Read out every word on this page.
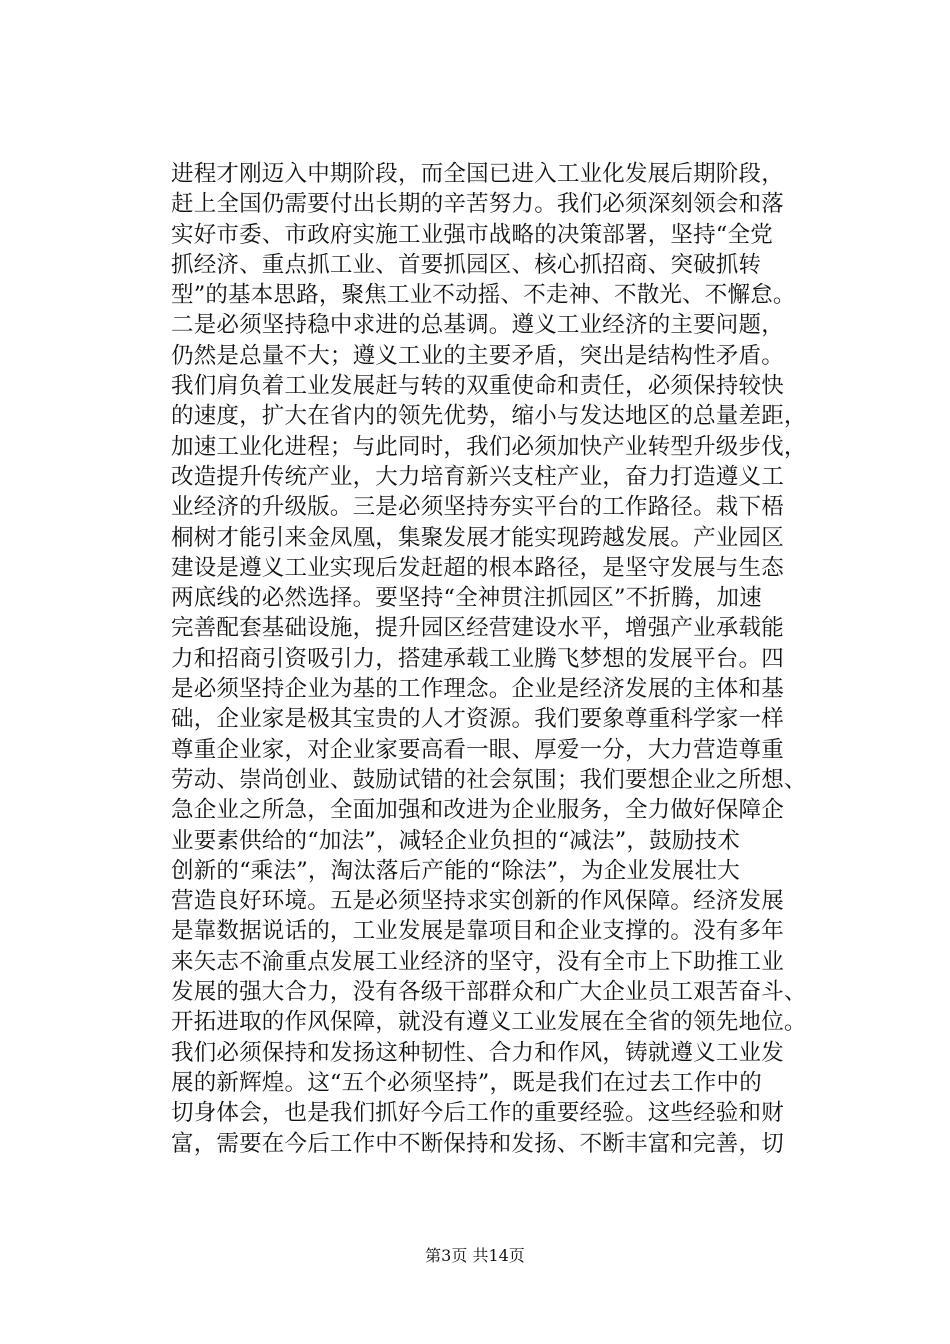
进程才刚迈入中期阶段，而全国已进入工业化发展后期阶段，
赶上全国仍需要付出长期的辛苦努力。我们必须深刻领会和落
实好市委、市政府实施工业强市战略的决策部署，坚持“全党
抓经济、重点抓工业、首要抓园区、核心抓招商、突破抓转
型”的基本思路，聚焦工业不动摇、不走神、不散光、不懈怠。
二是必须坚持稳中求进的总基调。遵义工业经济的主要问题，
仍然是总量不大；遵义工业的主要矛盾，突出是结构性矛盾。
我们肩负着工业发展赶与转的双重使命和责任，必须保持较快
的速度，扩大在省内的领先优势，缩小与发达地区的总量差距，
加速工业化进程；与此同时，我们必须加快产业转型升级步伐，
改造提升传统产业，大力培育新兴支柱产业，奋力打造遵义工
业经济的升级版。三是必须坚持夯实平台的工作路径。栽下梧
桐树才能引来金凤凰，集聚发展才能实现跨越发展。产业园区
建设是遵义工业实现后发赶超的根本路径，是坚守发展与生态
两底线的必然选择。要坚持“全神贯注抓园区”不折腾，加速
完善配套基础设施，提升园区经营建设水平，增强产业承载能
力和招商引资吸引力，搭建承载工业腾飞梦想的发展平台。四
是必须坚持企业为基的工作理念。企业是经济发展的主体和基
础，企业家是极其宝贵的人才资源。我们要象尊重科学家一样
尊重企业家，对企业家要高看一眼、厚爱一分，大力营造尊重
劳动、崇尚创业、鼓励试错的社会氛围；我们要想企业之所想、
急企业之所急，全面加强和改进为企业服务，全力做好保障企
业要素供给的“加法”，减轻企业负担的“减法”，鼓励技术
创新的“乘法”，淘汰落后产能的“除法”，为企业发展壮大
营造良好环境。五是必须坚持求实创新的作风保障。经济发展
是靠数据说话的，工业发展是靠项目和企业支撑的。没有多年
来矢志不渝重点发展工业经济的坚守，没有全市上下助推工业
发展的强大合力，没有各级干部群众和广大企业员工艰苦奋斗、
开拓进取的作风保障，就没有遵义工业发展在全省的领先地位。
我们必须保持和发扬这种韧性、合力和作风，铸就遵义工业发
展的新辉煌。这“五个必须坚持”，既是我们在过去工作中的
切身体会，也是我们抓好今后工作的重要经验。这些经验和财
富，需要在今后工作中不断保持和发扬、不断丰富和完善，切
第3页 共14页
